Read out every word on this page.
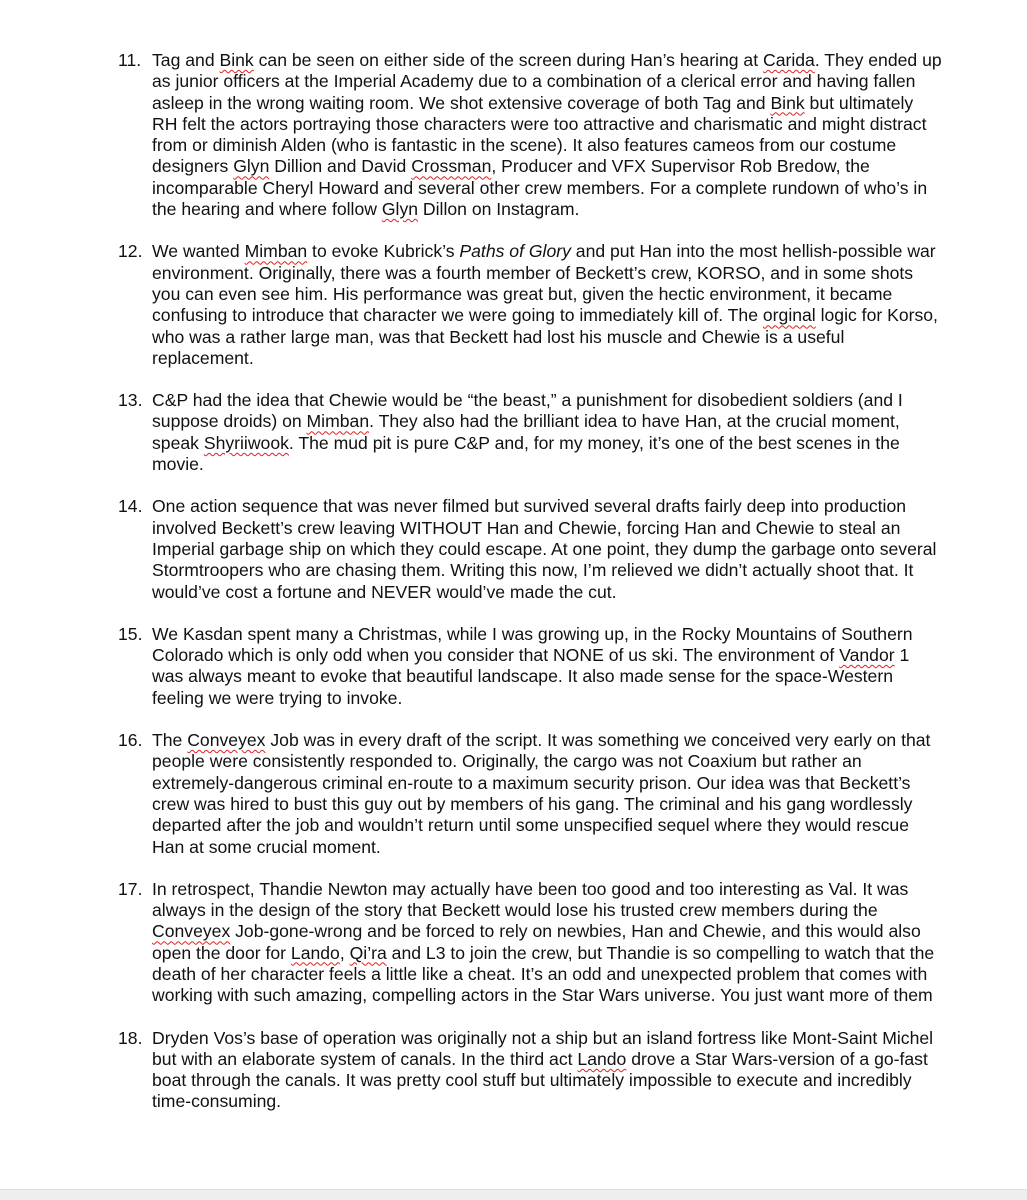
11. Tag and Bink can be seen on either side of the screen during Han’s hearing at Carida. They ended up as junior officers at the Imperial Academy due to a combination of a clerical error and having fallen asleep in the wrong waiting room. We shot extensive coverage of both Tag and Bink but ultimately RH felt the actors portraying those characters were too attractive and charismatic and might distract from or diminish Alden (who is fantastic in the scene). It also features cameos from our costume designers Glyn Dillion and David Crossman, Producer and VFX Supervisor Rob Bredow, the incomparable Cheryl Howard and several other crew members. For a complete rundown of who’s in the hearing and where follow Glyn Dillon on Instagram.
12. We wanted Mimban to evoke Kubrick’s Paths of Glory and put Han into the most hellish-possible war environment. Originally, there was a fourth member of Beckett’s crew, KORSO, and in some shots you can even see him. His performance was great but, given the hectic environment, it became confusing to introduce that character we were going to immediately kill of. The orginal logic for Korso, who was a rather large man, was that Beckett had lost his muscle and Chewie is a useful replacement.
13. C&P had the idea that Chewie would be “the beast,” a punishment for disobedient soldiers (and I suppose droids) on Mimban. They also had the brilliant idea to have Han, at the crucial moment, speak Shyriiwook. The mud pit is pure C&P and, for my money, it’s one of the best scenes in the movie.
14. One action sequence that was never filmed but survived several drafts fairly deep into production involved Beckett’s crew leaving WITHOUT Han and Chewie, forcing Han and Chewie to steal an Imperial garbage ship on which they could escape. At one point, they dump the garbage onto several Stormtroopers who are chasing them. Writing this now, I’m relieved we didn’t actually shoot that. It would’ve cost a fortune and NEVER would’ve made the cut.
15. We Kasdan spent many a Christmas, while I was growing up, in the Rocky Mountains of Southern Colorado which is only odd when you consider that NONE of us ski. The environment of Vandor 1 was always meant to evoke that beautiful landscape. It also made sense for the space-Western feeling we were trying to invoke.
16. The Conveyex Job was in every draft of the script. It was something we conceived very early on that people were consistently responded to. Originally, the cargo was not Coaxium but rather an extremely-dangerous criminal en-route to a maximum security prison. Our idea was that Beckett’s crew was hired to bust this guy out by members of his gang. The criminal and his gang wordlessly departed after the job and wouldn’t return until some unspecified sequel where they would rescue Han at some crucial moment.
17. In retrospect, Thandie Newton may actually have been too good and too interesting as Val. It was always in the design of the story that Beckett would lose his trusted crew members during the Conveyex Job-gone-wrong and be forced to rely on newbies, Han and Chewie, and this would also open the door for Lando, Qi’ra and L3 to join the crew, but Thandie is so compelling to watch that the death of her character feels a little like a cheat. It’s an odd and unexpected problem that comes with working with such amazing, compelling actors in the Star Wars universe. You just want more of them
18. Dryden Vos’s base of operation was originally not a ship but an island fortress like Mont-Saint Michel but with an elaborate system of canals. In the third act Lando drove a Star Wars-version of a go-fast boat through the canals. It was pretty cool stuff but ultimately impossible to execute and incredibly time-consuming.
